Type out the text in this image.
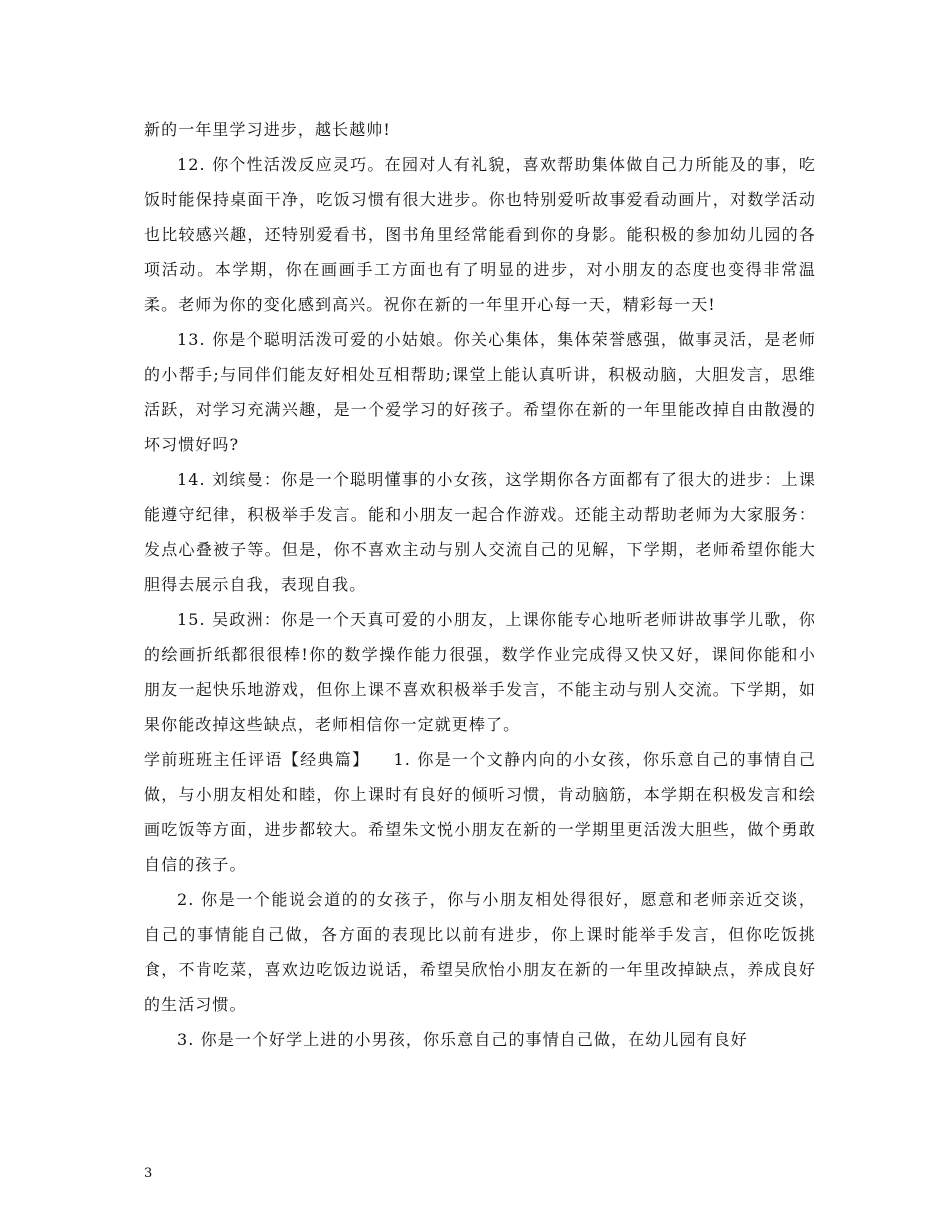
新的一年里学习进步，越长越帅!

12. 你个性活泼反应灵巧。在园对人有礼貌，喜欢帮助集体做自己力所能及的事，吃饭时能保持桌面干净，吃饭习惯有很大进步。你也特别爱听故事爱看动画片，对数学活动也比较感兴趣，还特别爱看书，图书角里经常能看到你的身影。能积极的参加幼儿园的各项活动。本学期，你在画画手工方面也有了明显的进步，对小朋友的态度也变得非常温柔。老师为你的变化感到高兴。祝你在新的一年里开心每一天，精彩每一天!

13. 你是个聪明活泼可爱的小姑娘。你关心集体，集体荣誉感强，做事灵活，是老师的小帮手;与同伴们能友好相处互相帮助;课堂上能认真听讲，积极动脑，大胆发言，思维活跃，对学习充满兴趣，是一个爱学习的好孩子。希望你在新的一年里能改掉自由散漫的坏习惯好吗?

14. 刘缤曼：你是一个聪明懂事的小女孩，这学期你各方面都有了很大的进步：上课能遵守纪律，积极举手发言。能和小朋友一起合作游戏。还能主动帮助老师为大家服务：发点心叠被子等。但是，你不喜欢主动与别人交流自己的见解，下学期，老师希望你能大胆得去展示自我，表现自我。

15. 吴政洲：你是一个天真可爱的小朋友，上课你能专心地听老师讲故事学儿歌，你的绘画折纸都很很棒!你的数学操作能力很强，数学作业完成得又快又好，课间你能和小朋友一起快乐地游戏，但你上课不喜欢积极举手发言，不能主动与别人交流。下学期，如果你能改掉这些缺点，老师相信你一定就更棒了。

学前班班主任评语【经典篇】 1. 你是一个文静内向的小女孩，你乐意自己的事情自己做，与小朋友相处和睦，你上课时有良好的倾听习惯，肯动脑筋，本学期在积极发言和绘画吃饭等方面，进步都较大。希望朱文悦小朋友在新的一学期里更活泼大胆些，做个勇敢自信的孩子。

2. 你是一个能说会道的的女孩子，你与小朋友相处得很好，愿意和老师亲近交谈，自己的事情能自己做，各方面的表现比以前有进步，你上课时能举手发言，但你吃饭挑食，不肯吃菜，喜欢边吃饭边说话，希望吴欣怡小朋友在新的一年里改掉缺点，养成良好的生活习惯。

3. 你是一个好学上进的小男孩，你乐意自己的事情自己做，在幼儿园有良好

3
